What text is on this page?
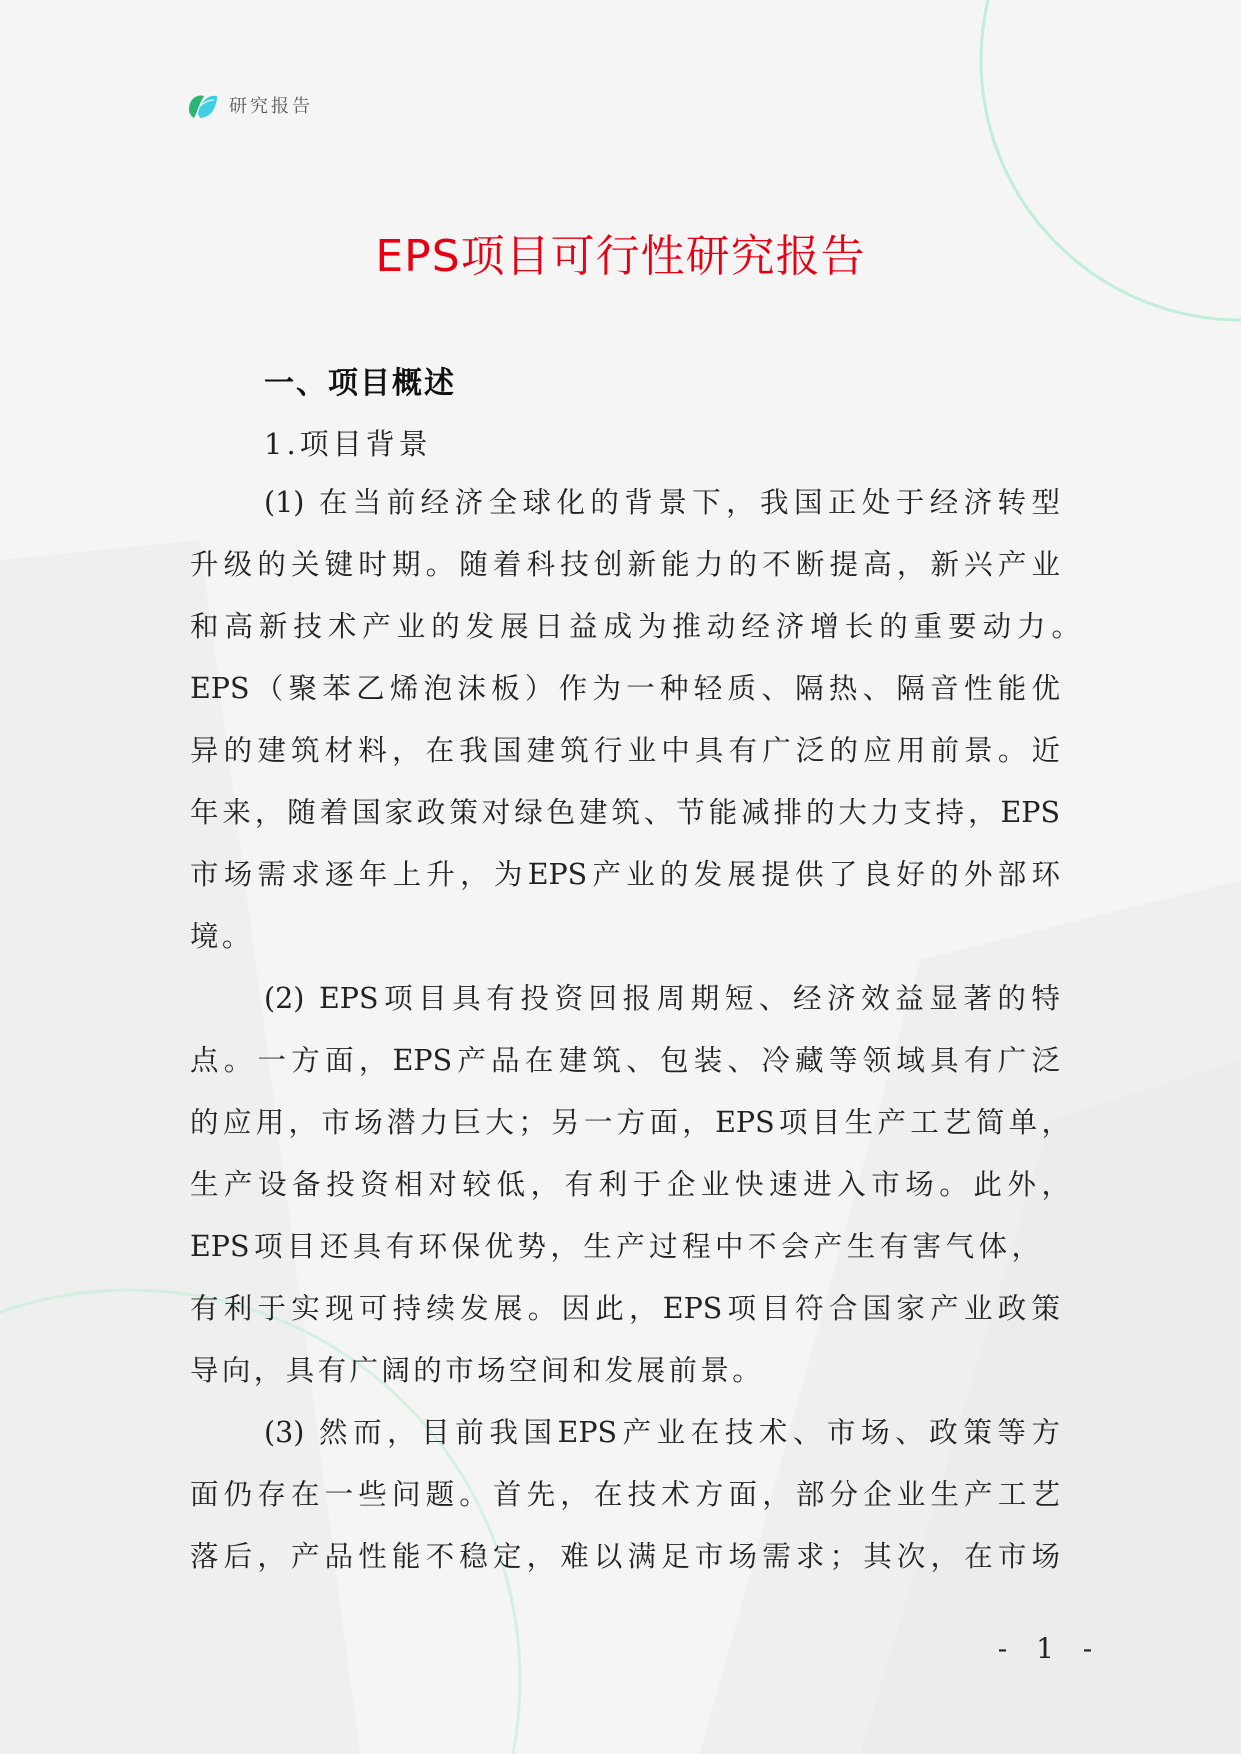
研究报告
EPS项目可行性研究报告
一、项目概述
1.项目背景
(1) 在当前经济全球化的背景下，我国正处于经济转型
升级的关键时期。随着科技创新能力的不断提高，新兴产业
和高新技术产业的发展日益成为推动经济增长的重要动力。
EPS（聚苯乙烯泡沫板）作为一种轻质、隔热、隔音性能优
异的建筑材料，在我国建筑行业中具有广泛的应用前景。近
年来，随着国家政策对绿色建筑、节能减排的大力支持，EPS
市场需求逐年上升，为EPS产业的发展提供了良好的外部环
境。
(2) EPS项目具有投资回报周期短、经济效益显著的特
点。一方面，EPS产品在建筑、包装、冷藏等领域具有广泛
的应用，市场潜力巨大；另一方面，EPS项目生产工艺简单，
生产设备投资相对较低，有利于企业快速进入市场。此外，
EPS项目还具有环保优势，生产过程中不会产生有害气体，
有利于实现可持续发展。因此，EPS项目符合国家产业政策
导向，具有广阔的市场空间和发展前景。
(3) 然而，目前我国EPS产业在技术、市场、政策等方
面仍存在一些问题。首先，在技术方面，部分企业生产工艺
落后，产品性能不稳定，难以满足市场需求；其次，在市场
- 1 -
